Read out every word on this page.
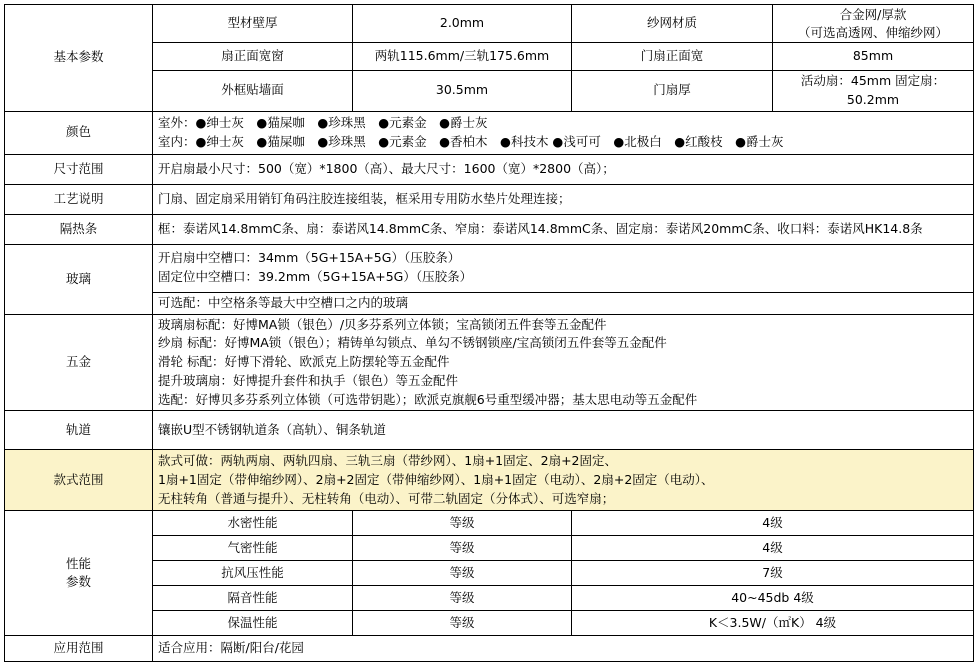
基本参数	型材壁厚	2.0mm	纱网材质	合金网/厚款
（可选高透网、伸缩纱网）

	扇正面宽窗	两轨115.6mm/三轨175.6mm	门扇正面宽	85mm
	外框贴墙面	30.5mm	门扇厚	活动扇：45mm 固定扇：50.2mm
颜色	室外：●绅士灰　●猫屎咖　●珍珠黑　●元素金　●爵士灰
室内：●绅士灰　●猫屎咖　●珍珠黑　●元素金　●香柏木　●科技木 ●浅可可　●北极白　●红酸枝　●爵士灰			

尺寸范围	开启扇最小尺寸：500（宽）*1800（高）、最大尺寸：1600（宽）*2800（高）；			
工艺说明	门扇、固定扇采用销钉角码注胶连接组装，框采用专用防水垫片处理连接；			
隔热条	框：泰诺风14.8mmC条、扇：泰诺风14.8mmC条、窄扇：泰诺风14.8mmC条、固定扇：泰诺风20mmC条、收口料：泰诺风HK14.8条			
玻璃	开启扇中空槽口：34mm（5G+15A+5G）（压胶条）
固定位中空槽口：39.2mm（5G+15A+5G）（压胶条）			

	可选配：中空格条等最大中空槽口之内的玻璃			
五金	玻璃扇标配：好博MA锁（银色）/贝多芬系列立体锁；宝高锁闭五件套等五金配件
纱扇 标配：好博MA锁（银色）；精铸单勾锁点、单勾不锈钢锁座/宝高锁闭五件套等五金配件
滑轮 标配：好博下滑轮、欧派克上防摆轮等五金配件
提升玻璃扇：好博提升套件和执手（银色）等五金配件
选配：好博贝多芬系列立体锁（可选带钥匙）；欧派克旗舰6号重型缓冲器；基太思电动等五金配件			

轨道	镶嵌U型不锈钢轨道条（高轨）、铜条轨道			
款式范围	款式可做：两轨两扇、两轨四扇、三轨三扇（带纱网）、1扇+1固定、2扇+2固定、
1扇+1固定（带伸缩纱网）、2扇+2固定（带伸缩纱网）、1扇+1固定（电动）、2扇+2固定（电动）、
无柱转角（普通与提升）、无柱转角（电动）、可带二轨固定（分体式）、可选窄扇；			

性能
参数	水密性能	等级	4级	
	气密性能	等级	4级	
	抗风压性能	等级	7级	
	隔音性能	等级	40~45db 4级	
	保温性能	等级	K＜3.5W/（㎡K） 4级	
应用范围	适合应用：隔断/阳台/花园			
